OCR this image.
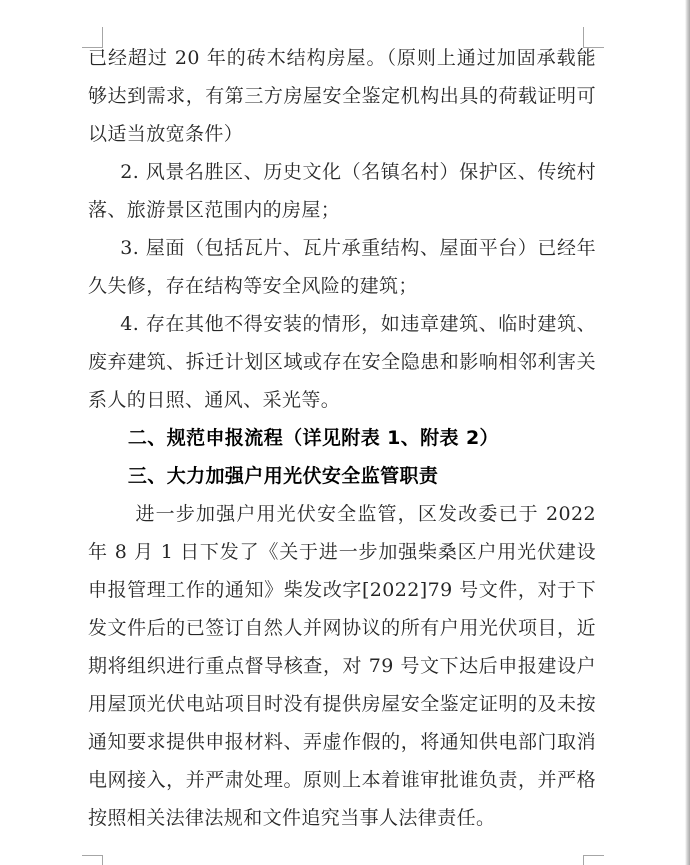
已经超过 20 年的砖木结构房屋。（原则上通过加固承载能够达到需求，有第三方房屋安全鉴定机构出具的荷载证明可以适当放宽条件）

2. 风景名胜区、历史文化（名镇名村）保护区、传统村落、旅游景区范围内的房屋；

3. 屋面（包括瓦片、瓦片承重结构、屋面平台）已经年久失修，存在结构等安全风险的建筑；

4. 存在其他不得安装的情形，如违章建筑、临时建筑、废弃建筑、拆迁计划区域或存在安全隐患和影响相邻利害关系人的日照、通风、采光等。

二、规范申报流程（详见附表 1、附表 2）

三、大力加强户用光伏安全监管职责

进一步加强户用光伏安全监管，区发改委已于 2022 年 8 月 1 日下发了《关于进一步加强柴桑区户用光伏建设申报管理工作的通知》柴发改字[2022]79 号文件，对于下发文件后的已签订自然人并网协议的所有户用光伏项目，近期将组织进行重点督导核查，对 79 号文下达后申报建设户用屋顶光伏电站项目时没有提供房屋安全鉴定证明的及未按通知要求提供申报材料、弄虚作假的，将通知供电部门取消电网接入，并严肃处理。原则上本着谁审批谁负责，并严格按照相关法律法规和文件追究当事人法律责任。
